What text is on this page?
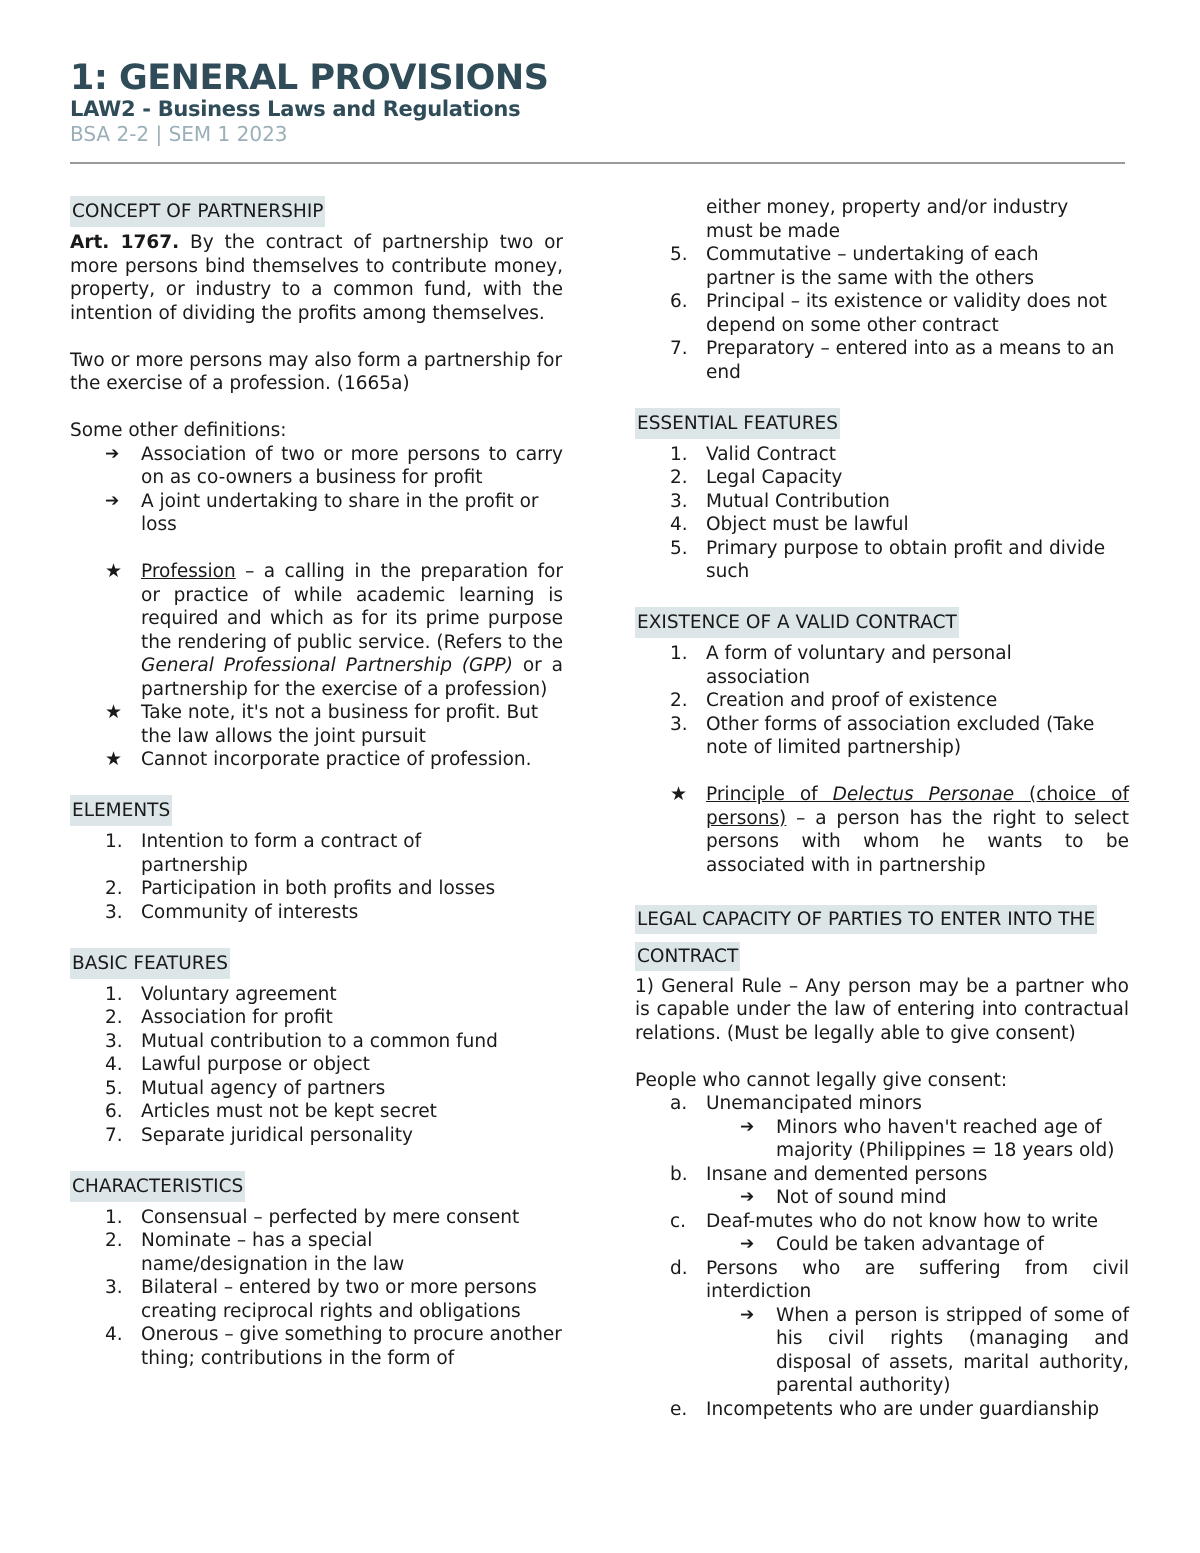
1: GENERAL PROVISIONS
LAW2 - Business Laws and Regulations
BSA 2-2 | SEM 1 2023
CONCEPT OF PARTNERSHIP

Art. 1767. By the contract of partnership two or more persons bind themselves to contribute money, property, or industry to a common fund, with the intention of dividing the profits among themselves.

Two or more persons may also form a partnership for the exercise of a profession. (1665a)

Some other definitions:

➔	Association of two or more persons to carry on as co-owners a business for profit
➔	A joint undertaking to share in the profit or loss
★	Profession – a calling in the preparation for or practice of while academic learning is required and which as for its prime purpose the rendering of public service. (Refers to the General Professional Partnership (GPP) or a partnership for the exercise of a profession)
★	Take note, it's not a business for profit. But the law allows the joint pursuit
★	Cannot incorporate practice of profession.
ELEMENTS
1. Intention to form a contract of partnership
2. Participation in both profits and losses
3. Community of interests
BASIC FEATURES
1. Voluntary agreement
2. Association for profit
3. Mutual contribution to a common fund
4. Lawful purpose or object
5. Mutual agency of partners
6. Articles must not be kept secret
7. Separate juridical personality
CHARACTERISTICS
1. Consensual – perfected by mere consent
2. Nominate – has a special name/designation in the law
3. Bilateral – entered by two or more persons creating reciprocal rights and obligations
4. Onerous – give something to procure another thing; contributions in the form of
either money, property and/or industry must be made
5. Commutative – undertaking of each partner is the same with the others
6. Principal – its existence or validity does not depend on some other contract
7. Preparatory – entered into as a means to an end
ESSENTIAL FEATURES
1. Valid Contract
2. Legal Capacity
3. Mutual Contribution
4. Object must be lawful
5. Primary purpose to obtain profit and divide such
EXISTENCE OF A VALID CONTRACT
1. A form of voluntary and personal association
2. Creation and proof of existence
3. Other forms of association excluded (Take note of limited partnership)
★	Principle of Delectus Personae (choice of persons) – a person has the right to select persons with whom he wants to be associated with in partnership
LEGAL CAPACITY OF PARTIES TO ENTER INTO THE CONTRACT

1) General Rule – Any person may be a partner who is capable under the law of entering into contractual relations. (Must be legally able to give consent)

People who cannot legally give consent:

a.	Unemancipated minors
➔	Minors who haven't reached age of majority (Philippines = 18 years old)
b. Insane and demented persons
➔	Not of sound mind
c.	Deaf-mutes who do not know how to write
➔	Could be taken advantage of
d. Persons who are suffering from civil interdiction
➔	When a person is stripped of some of his civil rights (managing and disposal of assets, marital authority, parental authority)
e.	Incompetents who are under guardianship
